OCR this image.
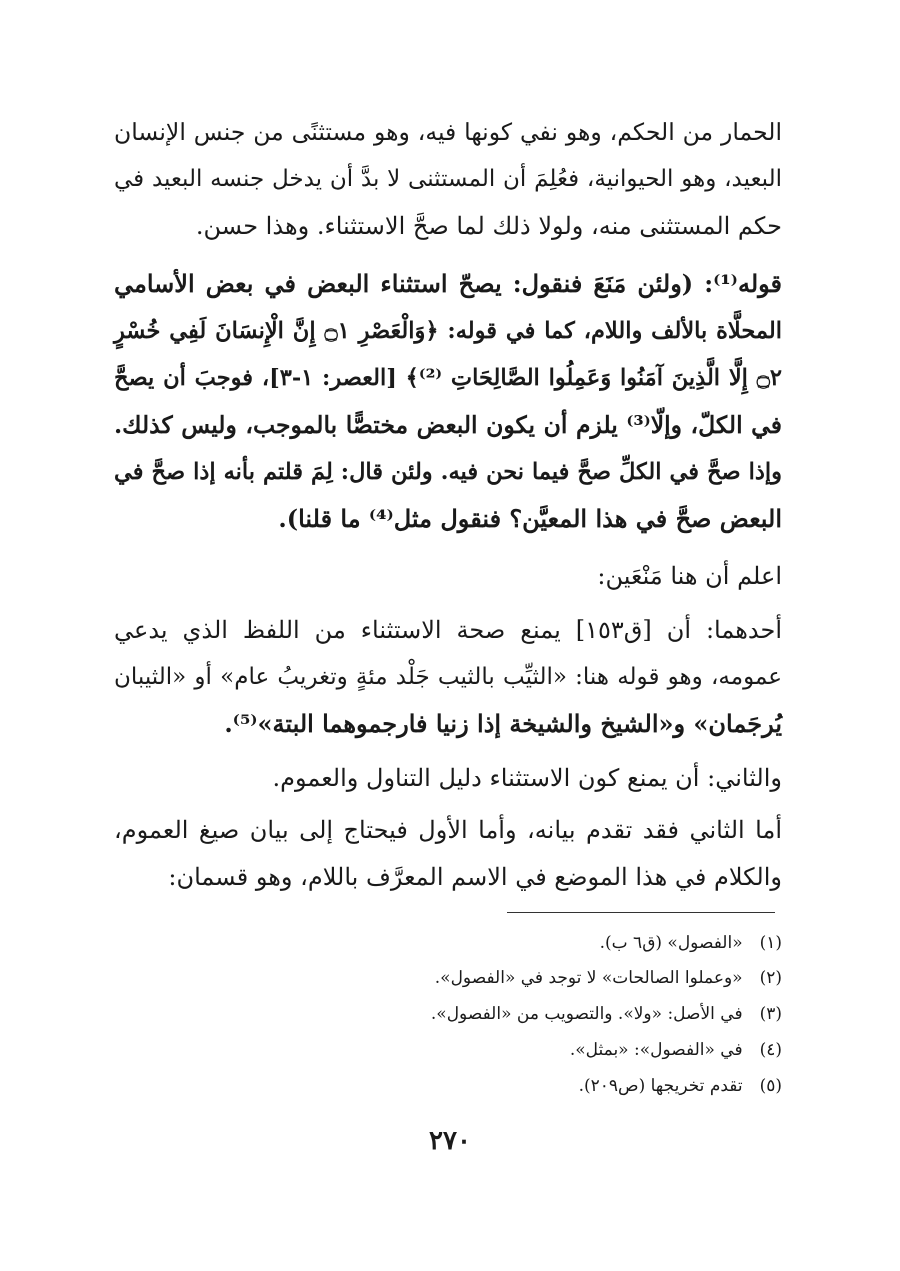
الحمار من الحكم، وهو نفي كونها فيه، وهو مستثنًى من جنس الإنسان
البعيد، وهو الحيوانية، فعُلِمَ أن المستثنى لا بدَّ أن يدخل جنسه البعيد في
حكم المستثنى منه، ولولا ذلك لما صحَّ الاستثناء. وهذا حسن.
قوله⁽¹⁾: (ولئن مَنَعَ فنقول: يصحّ استثناء البعض في بعض الأسامي
المحلَّاة بالألف واللام، كما في قوله: ﴿وَالْعَصْرِ ۝١ إِنَّ الْإِنسَانَ لَفِي خُسْرٍ
۝٢ إِلَّا الَّذِينَ آمَنُوا وَعَمِلُوا الصَّالِحَاتِ ⁽²⁾﴾ [العصر: ١-٣]، فوجبَ أن يصحَّ
في الكلّ، وإلّا⁽³⁾ يلزم أن يكون البعض مختصًّا بالموجب، وليس كذلك.
وإذا صحَّ في الكلِّ صحَّ فيما نحن فيه. ولئن قال: لِمَ قلتم بأنه إذا صحَّ في
البعض صحَّ في هذا المعيَّن؟ فنقول مثل⁽⁴⁾ ما قلنا).
اعلم أن هنا مَنْعَين:
أحدهما: أن [ق١٥٣] يمنع صحة الاستثناء من اللفظ الذي يدعي
عمومه، وهو قوله هنا: «الثيِّب بالثيب جَلْد مئةٍ وتغريبُ عام» أو «الثيبان
يُرجَمان» و«الشيخ والشيخة إذا زنيا فارجموهما البتة»⁽⁵⁾.
والثاني: أن يمنع كون الاستثناء دليل التناول والعموم.
أما الثاني فقد تقدم بيانه، وأما الأول فيحتاج إلى بيان صيغ العموم،
والكلام في هذا الموضع في الاسم المعرَّف باللام، وهو قسمان:
(١) «الفصول» (ق٦ ب).
(٢) «وعملوا الصالحات» لا توجد في «الفصول».
(٣) في الأصل: «ولا». والتصويب من «الفصول».
(٤) في «الفصول»: «بمثل».
(٥) تقدم تخريجها (ص٢٠٩).
٢٧٠
